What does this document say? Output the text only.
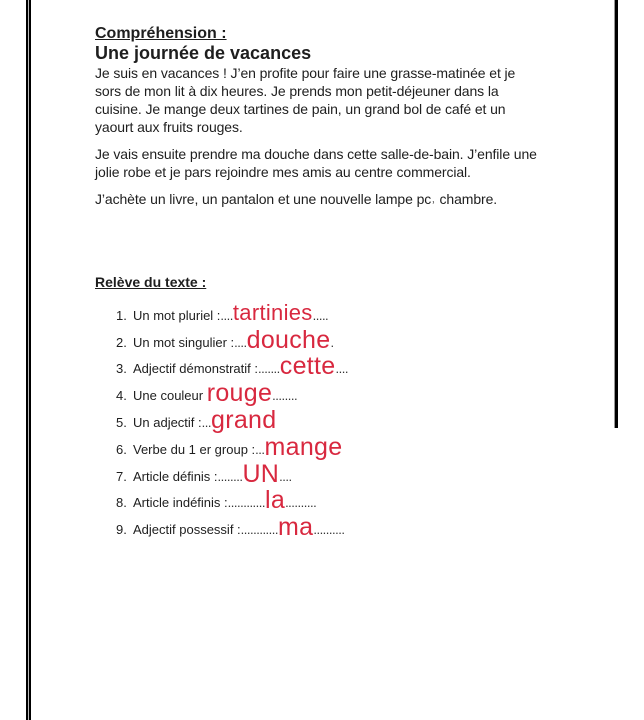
Compréhension :

Une journée de vacances

Je suis en vacances ! J’en profite pour faire une grasse-matinée et je sors de mon lit à dix heures. Je prends mon petit-déjeuner dans la cuisine. Je mange deux tartines de pain, un grand bol de café et un yaourt aux fruits rouges.

Je vais ensuite prendre ma douche dans cette salle-de-bain. J’enfile une jolie robe et je pars rejoindre mes amis au centre commercial.

J’achète un livre, un pantalon et une nouvelle lampe pc˒ chambre.

Relève du texte :
1. Un mot pluriel : .... tartinies .....
2. Un mot singulier : .... douche .
3. Adjectif démonstratif : ....... cette ....
4. Une couleur rouge ........
5. Un adjectif : ... grand
6. Verbe du 1 er group : ... mange
7. Article définis : ........ UN ....
8. Article indéfinis : ............ la ..........
9. Adjectif possessif : ............ ma ..........
